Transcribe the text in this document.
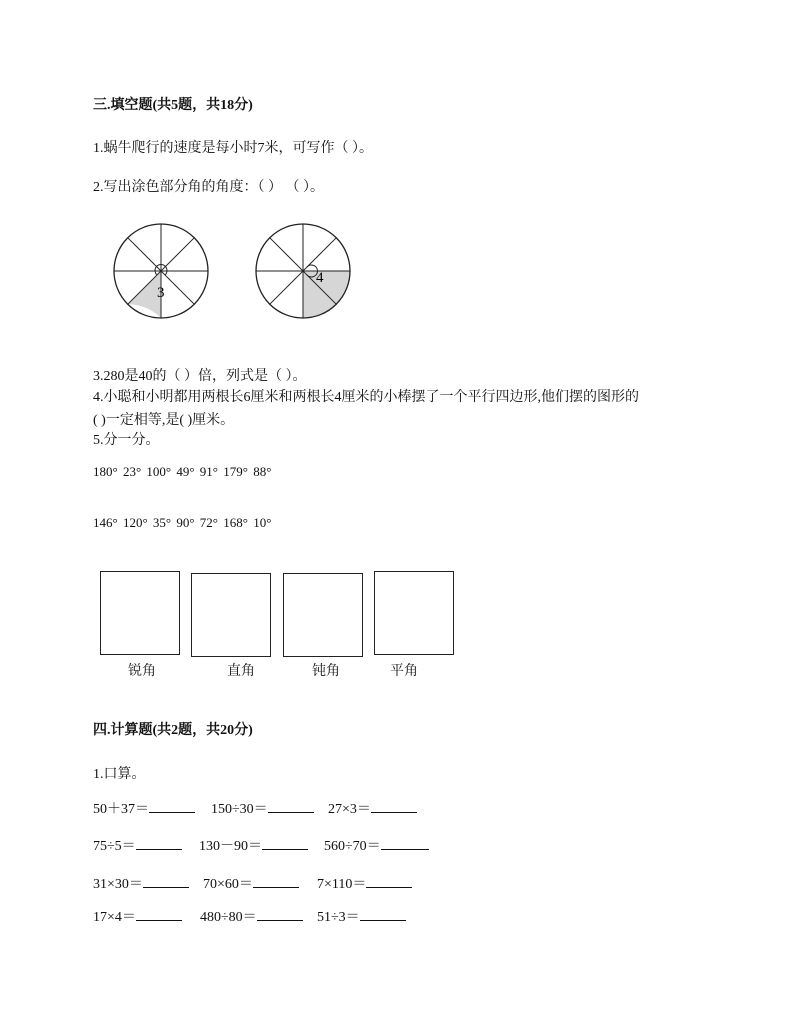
三.填空题(共5题，共18分)
1.蜗牛爬行的速度是每小时7米，可写作（ ）。
2.写出涂色部分角的角度：（ ） （ ）。
3
4
3.280是40的（ ）倍，列式是（ ）。
4.小聪和小明都用两根长6厘米和两根长4厘米的小棒摆了一个平行四边形,他们摆的图形的
( )一定相等,是( )厘米。
5.分一分。
180° 23° 100° 49° 91° 179° 88°
146° 120° 35° 90° 72° 168° 10°
锐角	直角	钝角	平角
四.计算题(共2题，共20分)
1.口算。
50＋37＝	150÷30＝	27×3＝
75÷5＝	130－90＝	560÷70＝
31×30＝	70×60＝	7×110＝
17×4＝	480÷80＝	51÷3＝
